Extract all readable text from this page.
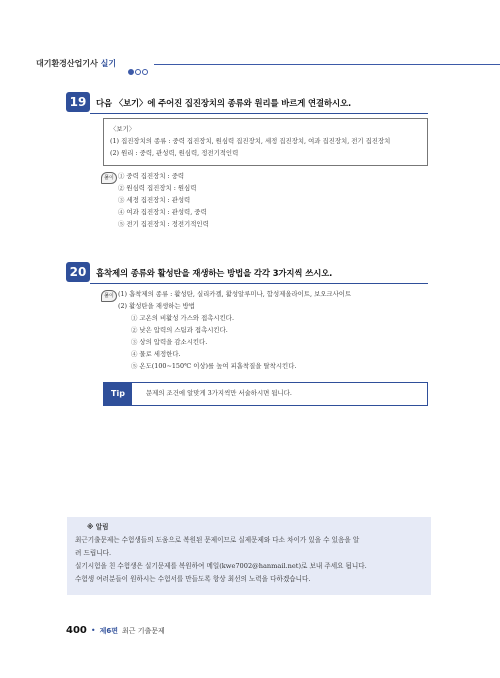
대기환경산업기사 실기
19	다음 〈보기〉에 주어진 집진장치의 종류와 원리를 바르게 연결하시오.
〈보기〉
(1) 집진장치의 종류 : 중력 집진장치, 원심력 집진장치, 세정 집진장치, 여과 집진장치, 전기 집진장치
(2) 원리 : 중력, 관성력, 원심력, 정전기적인력
풀이 ① 중력 집진장치 : 중력
② 원심력 집진장치 : 원심력
③ 세정 집진장치 : 관성력
④ 여과 집진장치 : 관성력, 중력
⑤ 전기 집진장치 : 정전기적인력
20	흡착제의 종류와 활성탄을 재생하는 방법을 각각 3가지씩 쓰시오.
풀이 (1) 흡착제의 종류 : 활성탄, 실리카겔, 활성알루미나, 합성제올라이트, 보오크사이트
(2) 활성탄을 재생하는 방법
① 고온의 비활성 가스와 접촉시킨다.
② 낮은 압력의 스팀과 접촉시킨다.
③ 상의 압력을 감소시킨다.
④ 물로 세정한다.
⑤ 온도(100∼150℃ 이상)를 높여 피흡착질을 탈착시킨다.
Tip	문제의 조건에 알맞게 3가지씩만 서술하시면 됩니다.
※ 알림
최근기출문제는 수험생들의 도움으로 복원된 문제이므로 실제문제와 다소 차이가 있을 수 있음을 알
려 드립니다.
실기시험을 친 수험생은 실기문제를 복원하여 메일(kwe7002@hanmail.net)로 보내 주세요 됩니다.
수험생 여러분들이 원하시는 수험서를 만들도록 항상 최선의 노력을 다하겠습니다.
400 • 제6편 최근 기출문제
